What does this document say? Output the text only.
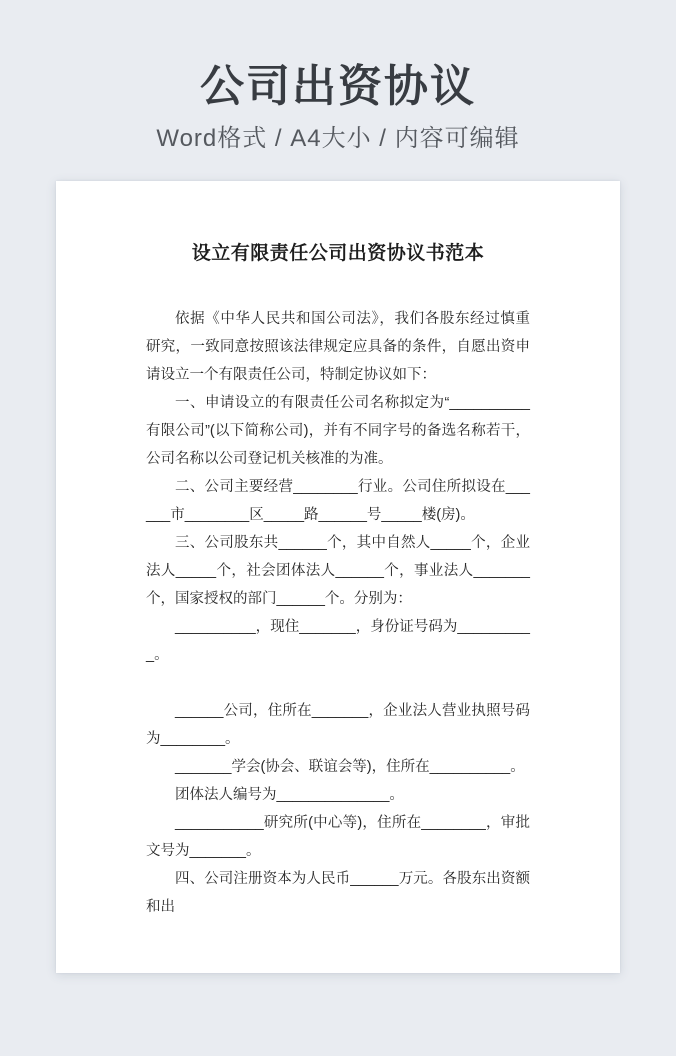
公司出资协议
Word格式 / A4大小 / 内容可编辑
设立有限责任公司出资协议书范本

依据《中华人民共和国公司法》，我们各股东经过慎重研究，一致同意按照该法律规定应具备的条件，自愿出资申请设立一个有限责任公司，特制定协议如下：

一、申请设立的有限责任公司名称拟定为“__________有限公司”(以下简称公司)，并有不同字号的备选名称若干，公司名称以公司登记机关核准的为准。

二、公司主要经营________行业。公司住所拟设在______市________区_____路______号_____楼(房)。

三、公司股东共______个，其中自然人_____个，企业法人_____个，社会团体法人______个，事业法人_______个，国家授权的部门______个。分别为：

__________，现住_______，身份证号码为__________。

______公司，住所在_______，企业法人营业执照号码为________。

_______学会(协会、联谊会等)，住所在__________。

团体法人编号为______________。

___________研究所(中心等)，住所在________，审批文号为_______。

四、公司注册资本为人民币______万元。各股东出资额和出
